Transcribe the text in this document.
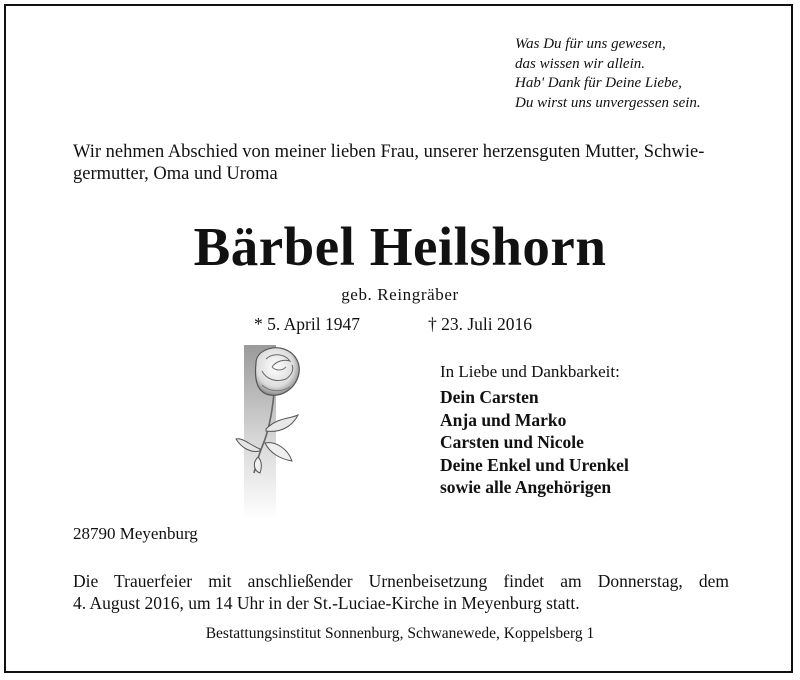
Was Du für uns gewesen,
das wissen wir allein.
Hab' Dank für Deine Liebe,
Du wirst uns unvergessen sein.
Wir nehmen Abschied von meiner lieben Frau, unserer herzensguten Mutter, Schwie-
germutter, Oma und Uroma
Bärbel Heilshorn
geb. Reingräber
* 5. April 1947	† 23. Juli 2016
In Liebe und Dankbarkeit:
Dein Carsten
Anja und Marko
Carsten und Nicole
Deine Enkel und Urenkel
sowie alle Angehörigen
28790 Meyenburg
Die Trauerfeier mit anschließender Urnenbeisetzung findet am Donnerstag, dem
4. August 2016, um 14 Uhr in der St.-Luciae-Kirche in Meyenburg statt.
Bestattungsinstitut Sonnenburg, Schwanewede, Koppelsberg 1
